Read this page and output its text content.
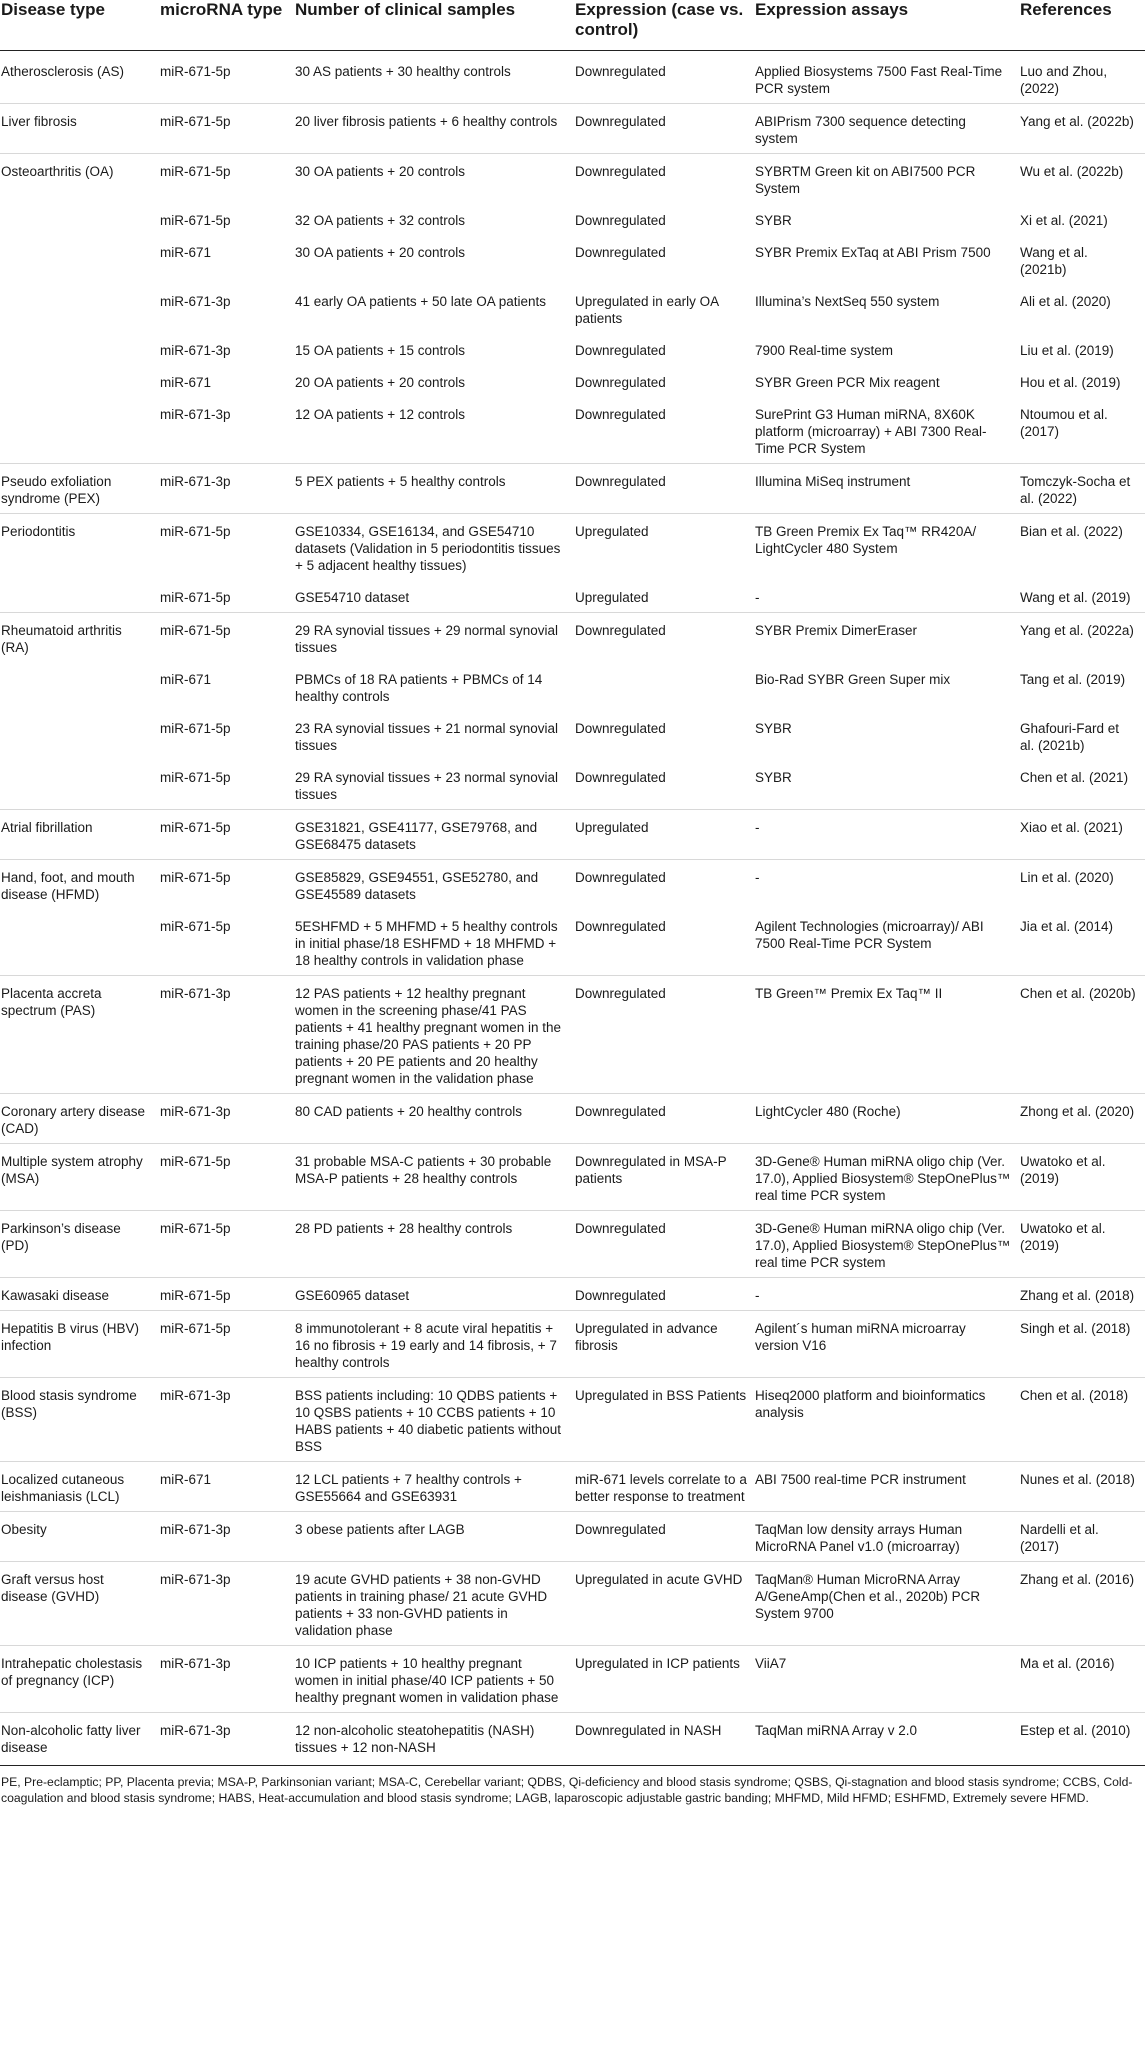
Disease type	microRNA type	Number of clinical samples	Expression (case vs. control)	Expression assays	References
Atherosclerosis (AS)	miR-671-5p	30 AS patients + 30 healthy controls	Downregulated	Applied Biosystems 7500 Fast Real-Time PCR system	Luo and Zhou, (2022)
Liver fibrosis	miR-671-5p	20 liver fibrosis patients + 6 healthy controls	Downregulated	ABIPrism 7300 sequence detecting system	Yang et al. (2022b)
Osteoarthritis (OA)	miR-671-5p	30 OA patients + 20 controls	Downregulated	SYBRTM Green kit on ABI7500 PCR System	Wu et al. (2022b)
	miR-671-5p	32 OA patients + 32 controls	Downregulated	SYBR	Xi et al. (2021)
	miR-671	30 OA patients + 20 controls	Downregulated	SYBR Premix ExTaq at ABI Prism 7500	Wang et al. (2021b)
	miR-671-3p	41 early OA patients + 50 late OA patients	Upregulated in early OA patients	Illumina’s NextSeq 550 system	Ali et al. (2020)
	miR-671-3p	15 OA patients + 15 controls	Downregulated	7900 Real-time system	Liu et al. (2019)
	miR-671	20 OA patients + 20 controls	Downregulated	SYBR Green PCR Mix reagent	Hou et al. (2019)
	miR-671-3p	12 OA patients + 12 controls	Downregulated	SurePrint G3 Human miRNA, 8X60K platform (microarray) + ABI 7300 Real-Time PCR System	Ntoumou et al. (2017)
Pseudo exfoliation syndrome (PEX)	miR-671-3p	5 PEX patients + 5 healthy controls	Downregulated	Illumina MiSeq instrument	Tomczyk-Socha et al. (2022)
Periodontitis	miR-671-5p	GSE10334, GSE16134, and GSE54710 datasets (Validation in 5 periodontitis tissues + 5 adjacent healthy tissues)	Upregulated	TB Green Premix Ex Taq™ RR420A/ LightCycler 480 System	Bian et al. (2022)
	miR-671-5p	GSE54710 dataset	Upregulated	-	Wang et al. (2019)
Rheumatoid arthritis (RA)	miR-671-5p	29 RA synovial tissues + 29 normal synovial tissues	Downregulated	SYBR Premix DimerEraser	Yang et al. (2022a)
	miR-671	PBMCs of 18 RA patients + PBMCs of 14 healthy controls		Bio-Rad SYBR Green Super mix	Tang et al. (2019)
	miR-671-5p	23 RA synovial tissues + 21 normal synovial tissues	Downregulated	SYBR	Ghafouri-Fard et al. (2021b)
	miR-671-5p	29 RA synovial tissues + 23 normal synovial tissues	Downregulated	SYBR	Chen et al. (2021)
Atrial fibrillation	miR-671-5p	GSE31821, GSE41177, GSE79768, and GSE68475 datasets	Upregulated	-	Xiao et al. (2021)
Hand, foot, and mouth disease (HFMD)	miR-671-5p	GSE85829, GSE94551, GSE52780, and GSE45589 datasets	Downregulated	-	Lin et al. (2020)
	miR-671-5p	5ESHFMD + 5 MHFMD + 5 healthy controls in initial phase/18 ESHFMD + 18 MHFMD + 18 healthy controls in validation phase	Downregulated	Agilent Technologies (microarray)/ ABI 7500 Real-Time PCR System	Jia et al. (2014)
Placenta accreta spectrum (PAS)	miR-671-3p	12 PAS patients + 12 healthy pregnant women in the screening phase/41 PAS patients + 41 healthy pregnant women in the training phase/20 PAS patients + 20 PP patients + 20 PE patients and 20 healthy pregnant women in the validation phase	Downregulated	TB Green™ Premix Ex Taq™ II	Chen et al. (2020b)
Coronary artery disease (CAD)	miR-671-3p	80 CAD patients + 20 healthy controls	Downregulated	LightCycler 480 (Roche)	Zhong et al. (2020)
Multiple system atrophy (MSA)	miR-671-5p	31 probable MSA-C patients + 30 probable MSA-P patients + 28 healthy controls	Downregulated in MSA-P patients	3D-Gene® Human miRNA oligo chip (Ver. 17.0), Applied Biosystem® StepOnePlus™ real time PCR system	Uwatoko et al. (2019)
Parkinson’s disease (PD)	miR-671-5p	28 PD patients + 28 healthy controls	Downregulated	3D-Gene® Human miRNA oligo chip (Ver. 17.0), Applied Biosystem® StepOnePlus™ real time PCR system	Uwatoko et al. (2019)
Kawasaki disease	miR-671-5p	GSE60965 dataset	Downregulated	-	Zhang et al. (2018)
Hepatitis B virus (HBV) infection	miR-671-5p	8 immunotolerant + 8 acute viral hepatitis + 16 no fibrosis + 19 early and 14 fibrosis, + 7 healthy controls	Upregulated in advance fibrosis	Agilent´s human miRNA microarray version V16	Singh et al. (2018)
Blood stasis syndrome (BSS)	miR-671-3p	BSS patients including: 10 QDBS patients + 10 QSBS patients + 10 CCBS patients + 10 HABS patients + 40 diabetic patients without BSS	Upregulated in BSS Patients	Hiseq2000 platform and bioinformatics analysis	Chen et al. (2018)
Localized cutaneous leishmaniasis (LCL)	miR-671	12 LCL patients + 7 healthy controls + GSE55664 and GSE63931	miR-671 levels correlate to a better response to treatment	ABI 7500 real-time PCR instrument	Nunes et al. (2018)
Obesity	miR-671-3p	3 obese patients after LAGB	Downregulated	TaqMan low density arrays Human MicroRNA Panel v1.0 (microarray)	Nardelli et al. (2017)
Graft versus host disease (GVHD)	miR-671-3p	19 acute GVHD patients + 38 non-GVHD patients in training phase/ 21 acute GVHD patients + 33 non-GVHD patients in validation phase	Upregulated in acute GVHD	TaqMan® Human MicroRNA Array A/GeneAmp(Chen et al., 2020b) PCR System 9700	Zhang et al. (2016)
Intrahepatic cholestasis of pregnancy (ICP)	miR-671-3p	10 ICP patients + 10 healthy pregnant women in initial phase/40 ICP patients + 50 healthy pregnant women in validation phase	Upregulated in ICP patients	ViiA7	Ma et al. (2016)
Non-alcoholic fatty liver disease	miR-671-3p	12 non-alcoholic steatohepatitis (NASH) tissues + 12 non-NASH	Downregulated in NASH	TaqMan miRNA Array v 2.0	Estep et al. (2010)
PE, Pre-eclamptic; PP, Placenta previa; MSA-P, Parkinsonian variant; MSA-C, Cerebellar variant; QDBS, Qi-deficiency and blood stasis syndrome; QSBS, Qi-stagnation and blood stasis syndrome; CCBS, Cold-coagulation and blood stasis syndrome; HABS, Heat-accumulation and blood stasis syndrome; LAGB, laparoscopic adjustable gastric banding; MHFMD, Mild HFMD; ESHFMD, Extremely severe HFMD.
